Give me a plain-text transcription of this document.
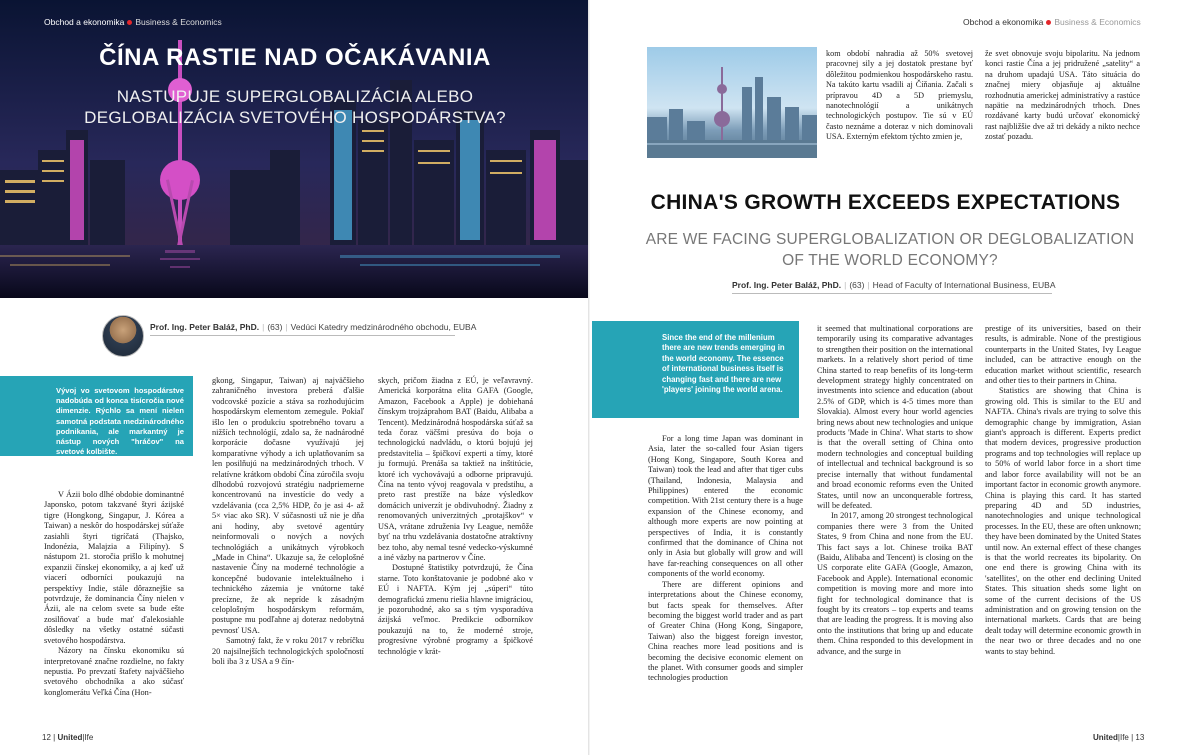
Obchod a ekonomika Business & Economics
ČÍNA RASTIE NAD OČAKÁVANIA
NASTUPUJE SUPERGLOBALIZÁCIA ALEBO DEGLOBALIZÁCIA SVETOVÉHO HOSPODÁRSTVA?
Prof. Ing. Peter Baláž, PhD. | (63) | Vedúci Katedry medzinárodného obchodu, EUBA
Vývoj vo svetovom hospodárstve nadobúda od konca tisícročia nové dimenzie. Rýchlo sa mení nielen samotná podstata medzinárodného podnikania, ale markantný je nástup nových "hráčov" na svetové kolbište.

V Ázii bolo dlhé obdobie dominantné Japonsko, potom takzvané štyri ázijské tigre (Hongkong, Singapur, J. Kórea a Taiwan) a neskôr do hospodárskej súťaže zasiahli štyri tigríčatá (Thajsko, Indonézia, Malajzia a Filipíny). S nástupom 21. storočia prišlo k mohutnej expanzii čínskej ekonomiky, a aj keď už viacerí odborníci poukazujú na perspektívy Indie, stále dôraznejšie sa potvrdzuje, že dominancia Číny nielen v Ázii, ale na celom svete sa bude ešte zosilňovať a bude mať ďalekosiahle dôsledky na všetky ostatné súčasti svetového hospodárstva.

Názory na čínsku ekonomiku sú interpretované značne rozdielne, no fakty nepustia. Po prevzatí štafety najväčšieho svetového obchodníka a ako súčasť konglomerátu Veľká Čína (Hon-

gkong, Singapur, Taiwan) aj najväčšieho zahraničného investora preberá ďalšie vodcovské pozície a stáva sa rozhodujúcim hospodárskym elementom zemegule. Pokiaľ išlo len o produkciu spotrebného tovaru a nižších technológií, zdalo sa, že nadnárodné korporácie dočasne využívajú jej komparatívne výhody a ich uplatňovaním sa len posilňujú na medzinárodných trhoch. V relatívne krátkom období Čína zúročila svoju dlhodobú rozvojovú stratégiu nadpriemerne koncentrovanú na investície do vedy a vzdelávania (cca 2,5% HDP, čo je asi 4- až 5× viac ako SR). V súčasnosti už nie je dňa ani hodiny, aby svetové agentúry neinformovali o nových a nových technológiách a unikátnych výrobkoch „Made in China“. Ukazuje sa, že celoplošné nastavenie Číny na moderné technológie a koncepčné budovanie intelektuálneho i technického zázemia je vnútorne také precízne, že ak nepríde k zásadným celoplošným hospodárskym reformám, postupne mu podľahne aj doteraz nedobytná pevnosť USA.

Samotný fakt, že v roku 2017 v rebríčku 20 najsilnejších technologických spoločností boli iba 3 z USA a 9 čín-

skych, pričom žiadna z EÚ, je veľavravný. Americká korporátna elita GAFA (Google, Amazon, Facebook a Apple) je dobiehaná čínskym trojzáprahom BAT (Baidu, Alibaba a Tencent). Medzinárodná hospodárska súťaž sa teda čoraz väčšmi presúva do boja o technologickú nadvládu, o ktorú bojujú jej predstavitelia – špičkoví experti a tímy, ktoré ju formujú. Prenáša sa taktiež na inštitúcie, ktoré ich vychovávajú a odborne pripravujú. Čína na tento vývoj reagovala v predstihu, a preto rast prestíže na báze výsledkov domácich univerzít je obdivuhodný. Žiadny z renomovaných univerzitných „protajškov“ v USA, vrátane združenia Ivy League, nemôže byť na trhu vzdelávania dostatočne atraktívny bez toho, aby nemal tesné vedecko-výskumné a iné väzby na partnerov v Číne.

Dostupné štatistiky potvrdzujú, že Čína starne. Toto konštatovanie je podobné ako v EÚ i NAFTA. Kým jej „súperi“ túto demografickú zmenu riešia hlavne imigráciou, je pozoruhodné, ako sa s tým vysporadúva ázijská veľmoc. Predikcie odborníkov poukazujú na to, že moderné stroje, progresívne výrobné programy a špičkové technológie v krát-

12 | United|Ife
Obchod a ekonomika Business & Economics

kom období nahradia až 50% svetovej pracovnej sily a jej dostatok prestane byť dôležitou podmienkou hospodárskeho rastu. Na takúto kartu vsadili aj Číňania. Začali s prípravou 4D a 5D priemyslu, nanotechnológií a unikátnych technologických postupov. Tie sú v EÚ často neznáme a doteraz v nich dominovali USA. Externým efektom týchto zmien je,

že svet obnovuje svoju bipolaritu. Na jednom konci rastie Čína a jej pridružené „satelity“ a na druhom upadajú USA. Táto situácia do značnej miery objasňuje aj aktuálne rozhodnutia americkej administratívy a rastúce napätie na medzinárodných trhoch. Dnes rozdávané karty budú určovať ekonomický rast najbližšie dve až tri dekády a nikto nechce zostať pozadu.

CHINA'S GROWTH EXCEEDS EXPECTATIONS
ARE WE FACING SUPERGLOBALIZATION OR DEGLOBALIZATION OF THE WORLD ECONOMY?
Prof. Ing. Peter Baláž, PhD. | (63) | Head of Faculty of International Business, EUBA
Since the end of the millenium there are new trends emerging in the world economy. The essence of international business itself is changing fast and there are new 'players' joining the world arena.

For a long time Japan was dominant in Asia, later the so-called four Asian tigers (Hong Kong, Singapore, South Korea and Taiwan) took the lead and after that tiger cubs (Thailand, Indonesia, Malaysia and Philippines) entered the economic competition. With 21st century there is a huge expansion of the Chinese economy, and although more experts are now pointing at perspectives of India, it is constantly confirmed that the dominance of China not only in Asia but globally will grow and will have far-reaching consequences on all other components of the world economy.

There are different opinions and interpretations about the Chinese economy, but facts speak for themselves. After becoming the biggest world trader and as part of Greater China (Hong Kong, Singapore, Taiwan) also the biggest foreign investor, China reaches more lead positions and is becoming the decisive economic element on the planet. With consumer goods and simpler technologies production

it seemed that multinational corporations are temporarily using its comparative advantages to strengthen their position on the international markets. In a relatively short period of time China started to reap benefits of its long-term development strategy highly concentrated on investments into science and education (about 2.5% of GDP, which is 4-5 times more than Slovakia). Almost every hour world agencies bring news about new technologies and unique products 'Made in China'. What starts to show is that the overall setting of China onto modern technologies and conceptual building of intellectual and technical background is so precise internally that without fundamental and broad economic reforms even the United States, until now an unconquerable fortress, will be defeated.

In 2017, among 20 strongest technological companies there were 3 from the United States, 9 from China and none from the EU. This fact says a lot. Chinese troika BAT (Baidu, Alibaba and Tencent) is closing on the US corporate elite GAFA (Google, Amazon, Facebook and Apple). International economic competition is moving more and more into fight for technological dominance that is fought by its creators – top experts and teams that are leading the progress. It is moving also onto the institutions that bring up and educate them. China responded to this development in advance, and the surge in

prestige of its universities, based on their results, is admirable. None of the prestigious counterparts in the United States, Ivy League included, can be attractive enough on the education market without scientific, research and other ties to their partners in China.

Statistics are showing that China is growing old. This is similar to the EU and NAFTA. China's rivals are trying to solve this demographic change by immigration, Asian giant's approach is different. Experts predict that modern devices, progressive production programs and top technologies will replace up to 50% of world labor force in a short time and labor force availability will not be an important factor in economic growth anymore. China is playing this card. It has started preparing 4D and 5D industries, nanotechnologies and unique technological processes. In the EU, these are often unknown; they have been dominated by the United States until now. An external effect of these changes is that the world recreates its bipolarity. On one end there is growing China with its 'satellites', on the other end declining United States. This situation sheds some light on some of the current decisions of the US administration and on growing tension on the international markets. Cards that are being dealt today will determine economic growth in the near two or three decades and no one wants to stay behind.

United|Ife | 13
